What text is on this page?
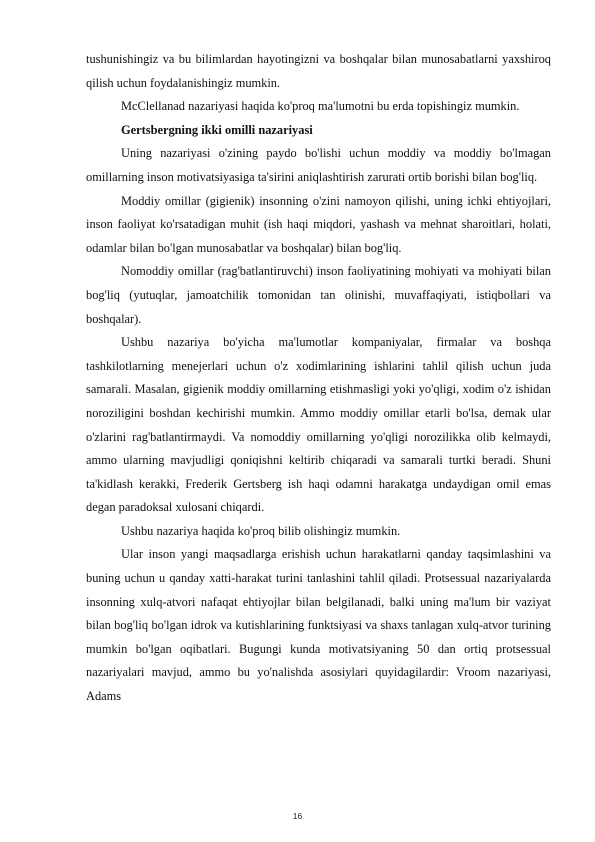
tushunishingiz va bu bilimlardan hayotingizni va boshqalar bilan munosabatlarni yaxshiroq qilish uchun foydalanishingiz mumkin.

McClellanad nazariyasi haqida ko'proq ma'lumotni bu erda topishingiz mumkin.

Gertsbergning ikki omilli nazariyasi

Uning nazariyasi o'zining paydo bo'lishi uchun moddiy va moddiy bo'lmagan omillarning inson motivatsiyasiga ta'sirini aniqlashtirish zarurati ortib borishi bilan bog'liq.

Moddiy omillar (gigienik) insonning o'zini namoyon qilishi, uning ichki ehtiyojlari, inson faoliyat ko'rsatadigan muhit (ish haqi miqdori, yashash va mehnat sharoitlari, holati, odamlar bilan bo'lgan munosabatlar va boshqalar) bilan bog'liq.

Nomoddiy omillar (rag'batlantiruvchi) inson faoliyatining mohiyati va mohiyati bilan bog'liq (yutuqlar, jamoatchilik tomonidan tan olinishi, muvaffaqiyati, istiqbollari va boshqalar).

Ushbu nazariya bo'yicha ma'lumotlar kompaniyalar, firmalar va boshqa tashkilotlarning menejerlari uchun o'z xodimlarining ishlarini tahlil qilish uchun juda samarali. Masalan, gigienik moddiy omillarning etishmasligi yoki yo'qligi, xodim o'z ishidan noroziligini boshdan kechirishi mumkin. Ammo moddiy omillar etarli bo'lsa, demak ular o'zlarini rag'batlantirmaydi. Va nomoddiy omillarning yo'qligi norozilikka olib kelmaydi, ammo ularning mavjudligi qoniqishni keltirib chiqaradi va samarali turtki beradi. Shuni ta'kidlash kerakki, Frederik Gertsberg ish haqi odamni harakatga undaydigan omil emas degan paradoksal xulosani chiqardi.

Ushbu nazariya haqida ko'proq bilib olishingiz mumkin.

Ular inson yangi maqsadlarga erishish uchun harakatlarni qanday taqsimlashini va buning uchun u qanday xatti-harakat turini tanlashini tahlil qiladi. Protsessual nazariyalarda insonning xulq-atvori nafaqat ehtiyojlar bilan belgilanadi, balki uning ma'lum bir vaziyat bilan bog'liq bo'lgan idrok va kutishlarining funktsiyasi va shaxs tanlagan xulq-atvor turining mumkin bo'lgan oqibatlari. Bugungi kunda motivatsiyaning 50 dan ortiq protsessual nazariyalari mavjud, ammo bu yo'nalishda asosiylari quyidagilardir: Vroom nazariyasi, Adams

16
